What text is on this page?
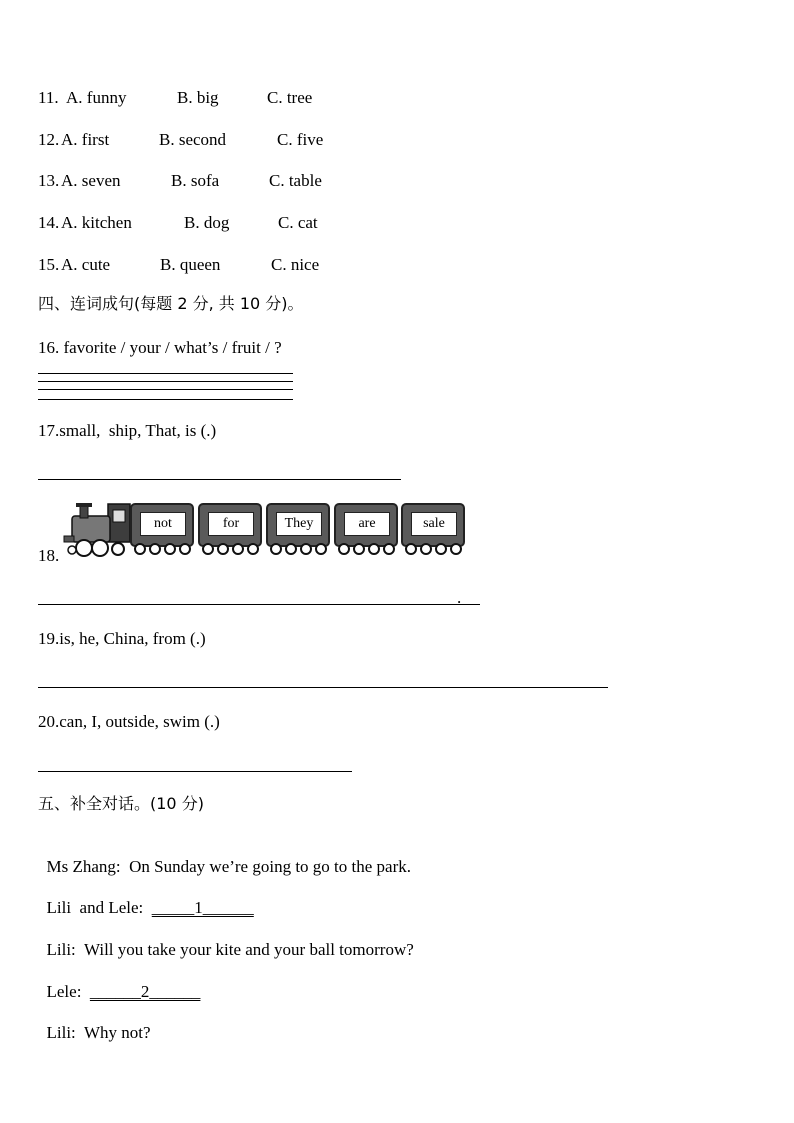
11. A. funny	B. big	C. tree
12. A. first	B. second	C. five
13. A. seven	B. sofa	C. table
14. A. kitchen	B. dog	C. cat
15. A. cute	B. queen	C. nice
四、连词成句(每题 2 分, 共 10 分)。
16. favorite / your / what’s / fruit / ?
17.small,  ship, That, is (.)
18.
not	for	They	are	sale
.
19.is, he, China, from (.)
20.can, I, outside, swim (.)
五、补全对话。(10 分)

Ms Zhang: On Sunday we’re going to go to the park.

Lili  and Lele: _____1______

Lili: Will you take your kite and your ball tomorrow?

Lele: ______2______

Lili: Why not?
